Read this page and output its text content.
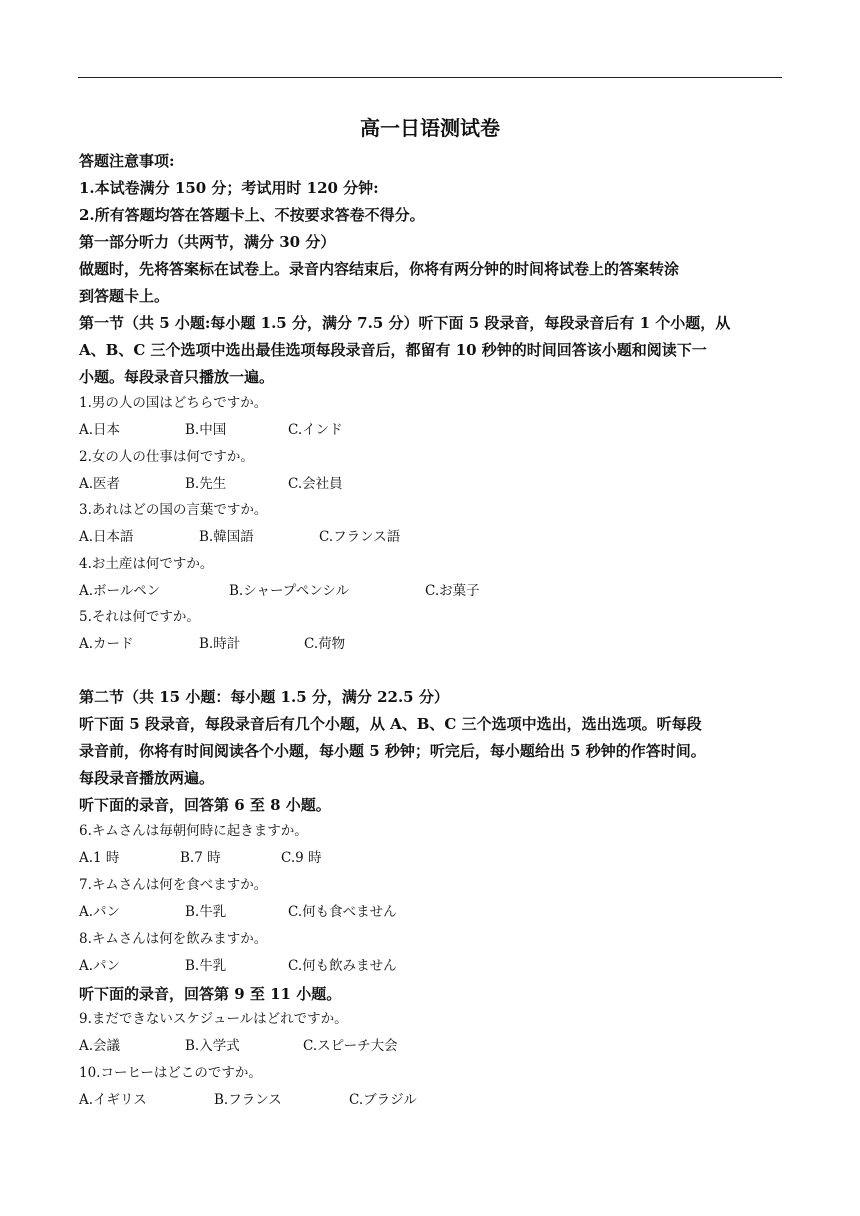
高一日语测试卷
答题注意事项:
1.本试卷满分 150 分；考试用时 120 分钟:
2.所有答题均答在答题卡上、不按要求答卷不得分。
第一部分听力（共两节，满分 30 分）
做题时，先将答案标在试卷上。录音内容结束后，你将有两分钟的时间将试卷上的答案转涂
到答题卡上。
第一节（共 5 小题:每小题 1.5 分，满分 7.5 分）听下面 5 段录音，每段录音后有 1 个小题，从
A、B、C 三个选项中选出最佳选项每段录音后，都留有 10 秒钟的时间回答该小题和阅读下一
小题。每段录音只播放一遍。
1.男の人の国はどちらですか。
A.日本	B.中国	C.インド
2.女の人の仕事は何ですか。
A.医者	B.先生	C.会社員
3.あれはどの国の言葉ですか。
A.日本語	B.韓国語	C.フランス語
4.お土産は何ですか。
A.ボールペン	B.シャープペンシル	C.お菓子
5.それは何ですか。
A.カード	B.時計	C.荷物
第二节（共 15 小题：每小题 1.5 分，满分 22.5 分）
听下面 5 段录音，每段录音后有几个小题，从 A、B、C 三个选项中选出，选出选项。听每段
录音前，你将有时间阅读各个小题，每小题 5 秒钟；听完后，每小题给出 5 秒钟的作答时间。
每段录音播放两遍。
听下面的录音，回答第 6 至 8 小题。
6.キムさんは毎朝何時に起きますか。
A.1 時	B.7 時	C.9 時
7.キムさんは何を食べますか。
A.パン	B.牛乳	C.何も食べません
8.キムさんは何を飲みますか。
A.パン	B.牛乳	C.何も飲みません
听下面的录音，回答第 9 至 11 小题。
9.まだできないスケジュールはどれですか。
A.会議	B.入学式	C.スピーチ大会
10.コーヒーはどこのですか。
A.イギリス	B.フランス	C.ブラジル
